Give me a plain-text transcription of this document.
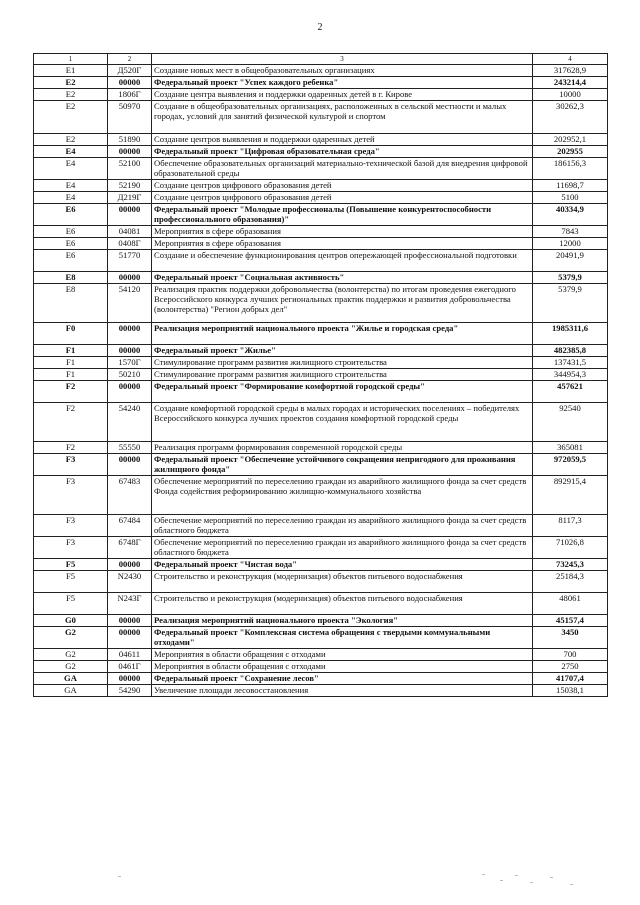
2
1	2	3	4
E1	Д520Г	Создание новых мест в общеобразовательных организациях	317628,9
E2	00000	Федеральный проект "Успех каждого ребенка"	243214,4
E2	1806Г	Создание центра выявления и поддержки одаренных детей в г. Кирове	10000
E2	50970	Создание в общеобразовательных организациях, расположенных в сельской местности и малых городах, условий для занятий физической культурой и спортом	30262,3
E2	51890	Создание центров выявления и поддержки одаренных детей	202952,1
E4	00000	Федеральный проект "Цифровая образовательная среда"	202955
E4	52100	Обеспечение образовательных организаций материально-технической базой для внедрения цифровой образовательной среды	186156,3
E4	52190	Создание центров цифрового образования детей	11698,7
E4	Д219Г	Создание центров цифрового образования детей	5100
E6	00000	Федеральный проект "Молодые профессионалы (Повышение конкурентоспособности профессионального образования)"	40334,9
E6	04081	Мероприятия в сфере образования	7843
E6	0408Г	Мероприятия в сфере образования	12000
E6	51770	Создание и обеспечение функционирования центров опережающей профессиональной подготовки	20491,9
E8	00000	Федеральный проект "Социальная активность"	5379,9
E8	54120	Реализация практик поддержки добровольчества (волонтерства) по итогам проведения ежегодного Всероссийского конкурса лучших региональных практик поддержки и развития добровольчества (волонтерства) "Регион добрых дел"	5379,9
F0	00000	Реализация мероприятий национального проекта "Жилье и городская среда"	1985311,6
F1	00000	Федеральный проект "Жилье"	482385,8
F1	1570Г	Стимулирование программ развития жилищного строительства	137431,5
F1	50210	Стимулирование программ развития жилищного строительства	344954,3
F2	00000	Федеральный проект "Формирование комфортной городской среды"	457621
F2	54240	Создание комфортной городской среды в малых городах и исторических поселениях – победителях Всероссийского конкурса лучших проектов создания комфортной городской среды	92540
F2	55550	Реализация программ формирования современной городской среды	365081
F3	00000	Федеральный проект "Обеспечение устойчивого сокращения непригодного для проживания жилищного фонда"	972059,5
F3	67483	Обеспечение мероприятий по переселению граждан из аварийного жилищного фонда за счет средств Фонда содействия реформированию жилищно-коммунального хозяйства	892915,4
F3	67484	Обеспечение мероприятий по переселению граждан из аварийного жилищного фонда за счет средств областного бюджета	8117,3
F3	6748Г	Обеспечение мероприятий по переселению граждан из аварийного жилищного фонда за счет средств областного бюджета	71026,8
F5	00000	Федеральный проект "Чистая вода"	73245,3
F5	N2430	Строительство и реконструкция (модернизация) объектов питьевого водоснабжения	25184,3
F5	N243Г	Строительство и реконструкция (модернизация) объектов питьевого водоснабжения	48061
G0	00000	Реализация мероприятий национального проекта "Экология"	45157,4
G2	00000	Федеральный проект "Комплексная система обращения с твердыми коммунальными отходами"	3450
G2	04611	Мероприятия в области обращения с отходами	700
G2	0461Г	Мероприятия в области обращения с отходами	2750
GA	00000	Федеральный проект "Сохранение лесов"	41707,4
GA	54290	Увеличение площади лесовосстановления	15038,1
